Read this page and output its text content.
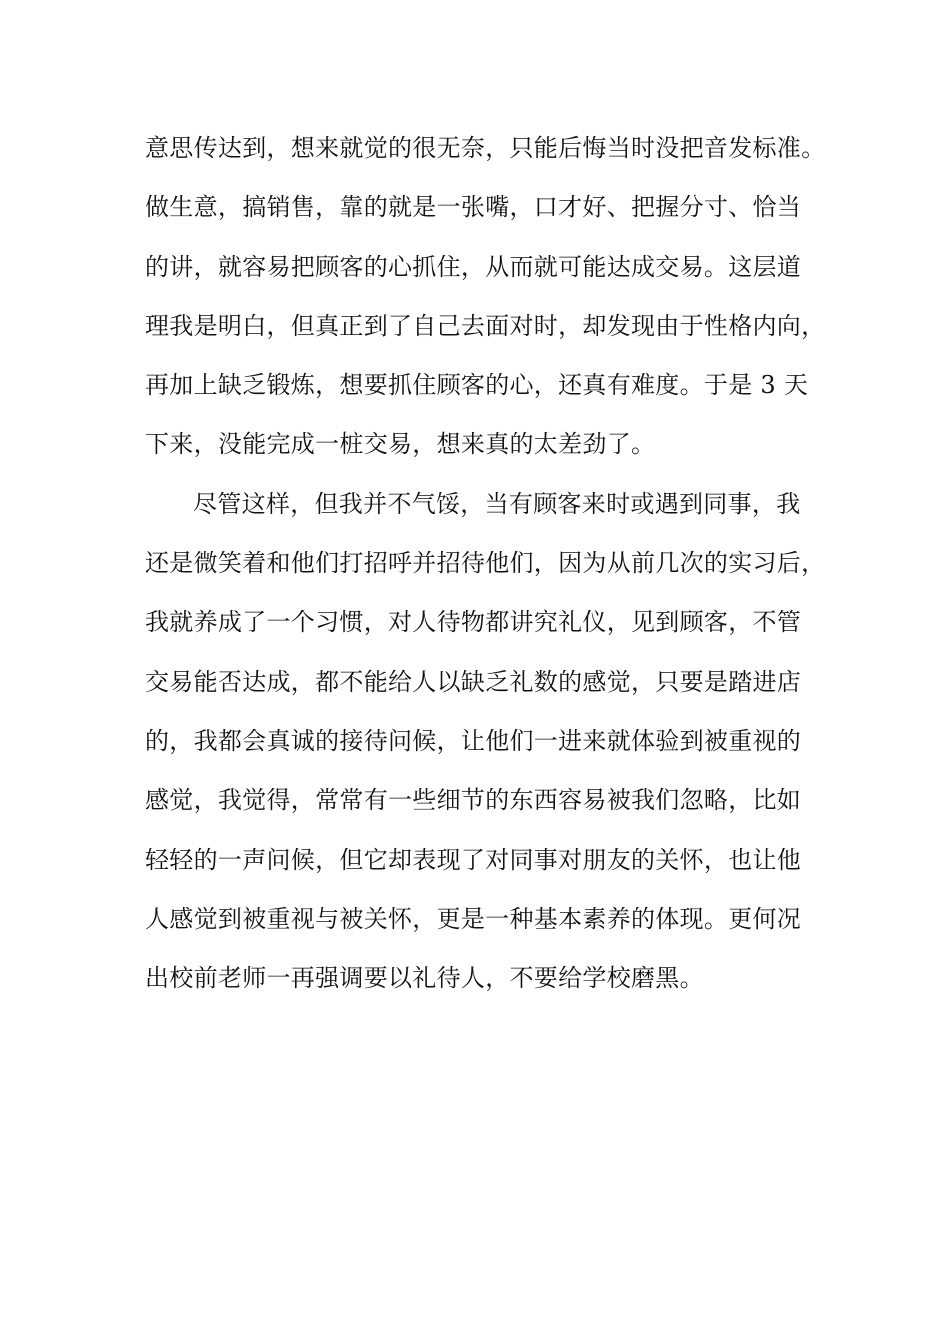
意思传达到，想来就觉的很无奈，只能后悔当时没把音发标准。
做生意，搞销售，靠的就是一张嘴，口才好、把握分寸、恰当
的讲，就容易把顾客的心抓住，从而就可能达成交易。这层道
理我是明白，但真正到了自己去面对时，却发现由于性格内向，
再加上缺乏锻炼，想要抓住顾客的心，还真有难度。于是 3 天
下来，没能完成一桩交易，想来真的太差劲了。
尽管这样，但我并不气馁，当有顾客来时或遇到同事，我
还是微笑着和他们打招呼并招待他们，因为从前几次的实习后，
我就养成了一个习惯，对人待物都讲究礼仪，见到顾客，不管
交易能否达成，都不能给人以缺乏礼数的感觉，只要是踏进店
的，我都会真诚的接待问候，让他们一进来就体验到被重视的
感觉，我觉得，常常有一些细节的东西容易被我们忽略，比如
轻轻的一声问候，但它却表现了对同事对朋友的关怀，也让他
人感觉到被重视与被关怀，更是一种基本素养的体现。更何况
出校前老师一再强调要以礼待人，不要给学校磨黑。
